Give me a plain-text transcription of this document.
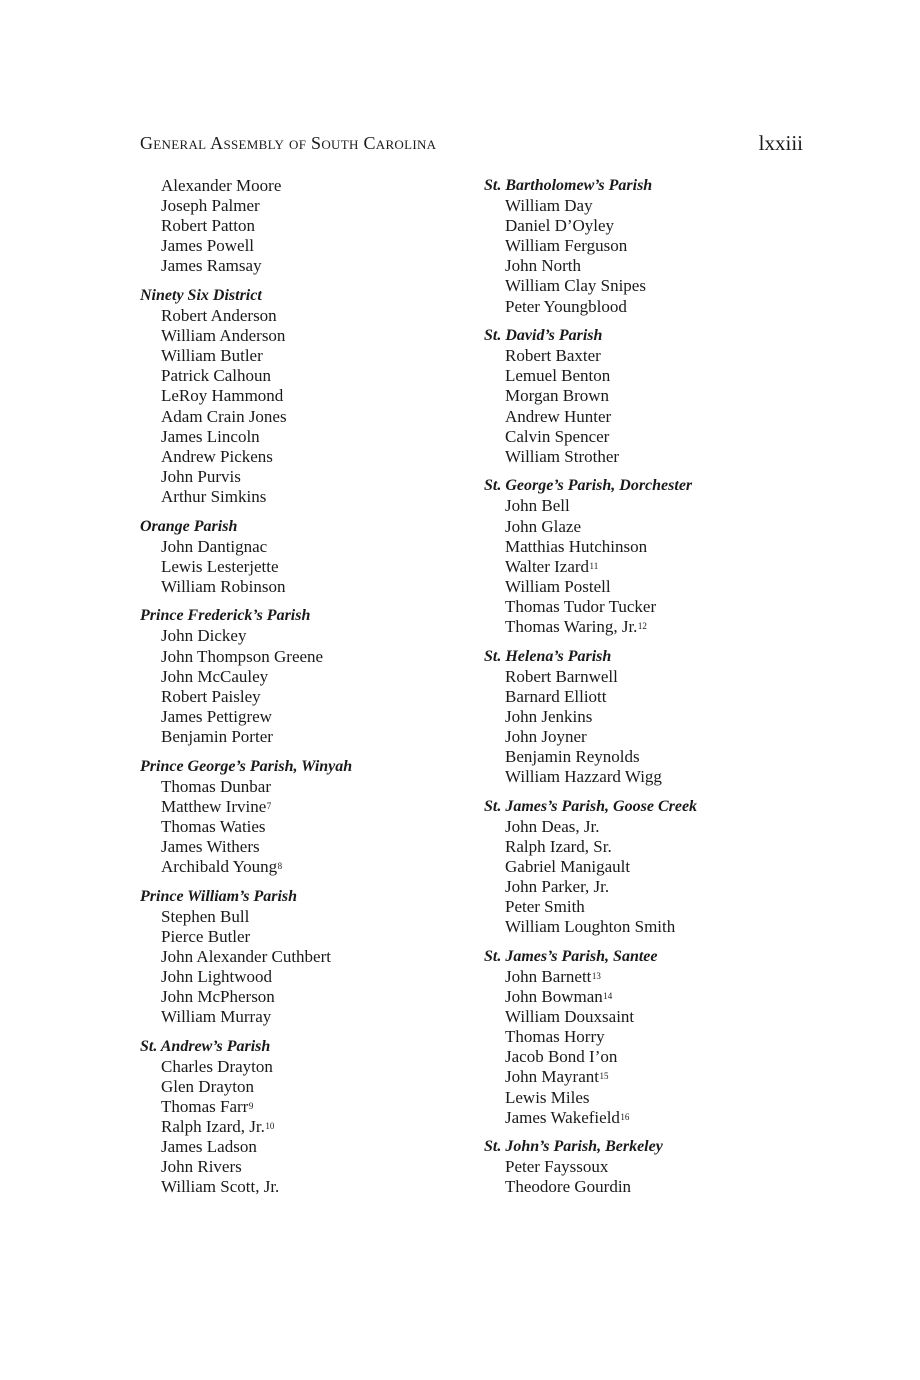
General Assembly of South Carolina	lxxiii
Alexander Moore
Joseph Palmer
Robert Patton
James Powell
James Ramsay
Ninety Six District
Robert Anderson
William Anderson
William Butler
Patrick Calhoun
LeRoy Hammond
Adam Crain Jones
James Lincoln
Andrew Pickens
John Purvis
Arthur Simkins
Orange Parish
John Dantignac
Lewis Lesterjette
William Robinson
Prince Frederick’s Parish
John Dickey
John Thompson Greene
John McCauley
Robert Paisley
James Pettigrew
Benjamin Porter
Prince George’s Parish, Winyah
Thomas Dunbar
Matthew Irvine$^7$
Thomas Waties
James Withers
Archibald Young$^8$
Prince William’s Parish
Stephen Bull
Pierce Butler
John Alexander Cuthbert
John Lightwood
John McPherson
William Murray
St. Andrew’s Parish
Charles Drayton
Glen Drayton
Thomas Farr$^9$
Ralph Izard, Jr.$^{10}$
James Ladson
John Rivers
William Scott, Jr.
St. Bartholomew’s Parish
William Day
Daniel D’Oyley
William Ferguson
John North
William Clay Snipes
Peter Youngblood
St. David’s Parish
Robert Baxter
Lemuel Benton
Morgan Brown
Andrew Hunter
Calvin Spencer
William Strother
St. George’s Parish, Dorchester
John Bell
John Glaze
Matthias Hutchinson
Walter Izard$^{11}$
William Postell
Thomas Tudor Tucker
Thomas Waring, Jr.$^{12}$
St. Helena’s Parish
Robert Barnwell
Barnard Elliott
John Jenkins
John Joyner
Benjamin Reynolds
William Hazzard Wigg
St. James’s Parish, Goose Creek
John Deas, Jr.
Ralph Izard, Sr.
Gabriel Manigault
John Parker, Jr.
Peter Smith
William Loughton Smith
St. James’s Parish, Santee
John Barnett$^{13}$
John Bowman$^{14}$
William Douxsaint
Thomas Horry
Jacob Bond I’on
John Mayrant$^{15}$
Lewis Miles
James Wakefield$^{16}$
St. John’s Parish, Berkeley
Peter Fayssoux
Theodore Gourdin
